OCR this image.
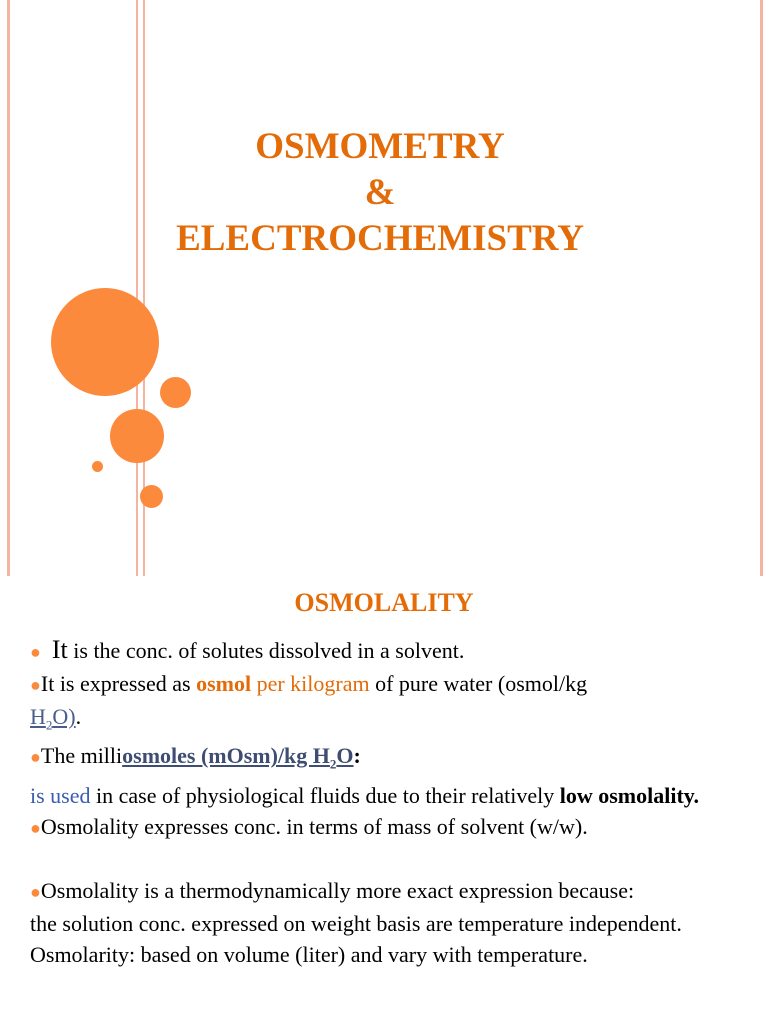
OSMOMETRY
&
ELECTROCHEMISTRY
OSMOLALITY

● It is the conc. of solutes dissolved in a solvent.

●It is expressed as osmol per kilogram of pure water (osmol/kg
$H_2O$).

●The milliosmoles (mOsm)/kg $H_2O$:

is used in case of physiological fluids due to their relatively low osmolality.

●Osmolality expresses conc. in terms of mass of solvent (w/w).

●Osmolality is a thermodynamically more exact expression because:

the solution conc. expressed on weight basis are temperature independent.

Osmolarity: based on volume (liter) and vary with temperature.
